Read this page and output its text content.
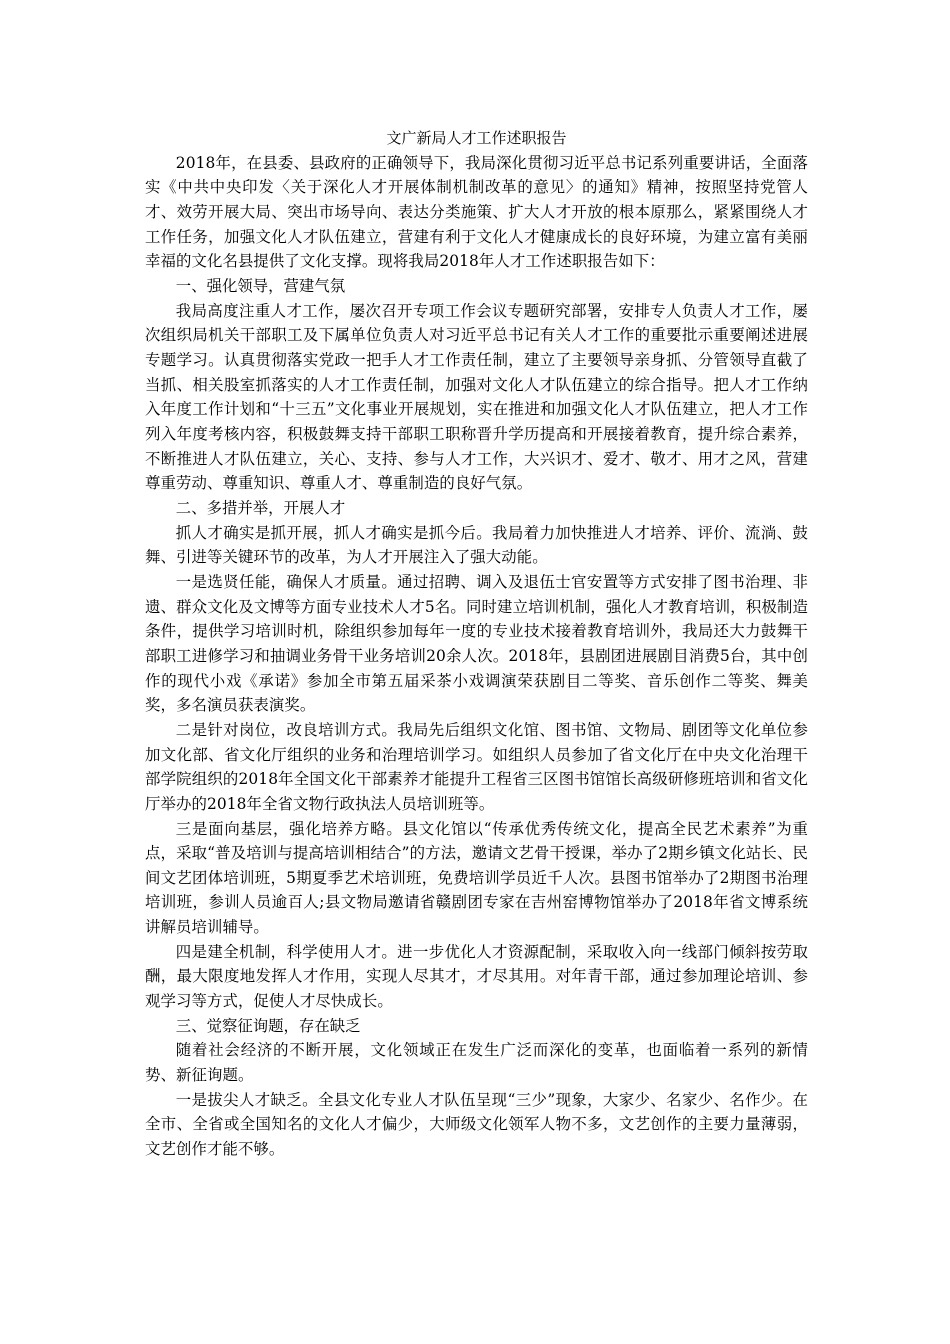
文广新局人才工作述职报告

2018年，在县委、县政府的正确领导下，我局深化贯彻习近平总书记系列重要讲话，全面落实《中共中央印发〈关于深化人才开展体制机制改革的意见〉的通知》精神，按照坚持党管人才、效劳开展大局、突出市场导向、表达分类施策、扩大人才开放的根本原那么，紧紧围绕人才工作任务，加强文化人才队伍建立，营建有利于文化人才健康成长的良好环境，为建立富有美丽幸福的文化名县提供了文化支撑。现将我局2018年人才工作述职报告如下：

一、强化领导，营建气氛

我局高度注重人才工作，屡次召开专项工作会议专题研究部署，安排专人负责人才工作，屡次组织局机关干部职工及下属单位负责人对习近平总书记有关人才工作的重要批示重要阐述进展专题学习。认真贯彻落实党政一把手人才工作责任制，建立了主要领导亲身抓、分管领导直截了当抓、相关股室抓落实的人才工作责任制，加强对文化人才队伍建立的综合指导。把人才工作纳入年度工作计划和“十三五”文化事业开展规划，实在推进和加强文化人才队伍建立，把人才工作列入年度考核内容，积极鼓舞支持干部职工职称晋升学历提高和开展接着教育，提升综合素养，不断推进人才队伍建立，关心、支持、参与人才工作，大兴识才、爱才、敬才、用才之风，营建尊重劳动、尊重知识、尊重人才、尊重制造的良好气氛。

二、多措并举，开展人才

抓人才确实是抓开展，抓人才确实是抓今后。我局着力加快推进人才培养、评价、流淌、鼓舞、引进等关键环节的改革，为人才开展注入了强大动能。

一是选贤任能，确保人才质量。通过招聘、调入及退伍士官安置等方式安排了图书治理、非遗、群众文化及文博等方面专业技术人才5名。同时建立培训机制，强化人才教育培训，积极制造条件，提供学习培训时机，除组织参加每年一度的专业技术接着教育培训外，我局还大力鼓舞干部职工进修学习和抽调业务骨干业务培训20余人次。2018年，县剧团进展剧目消费5台，其中创作的现代小戏《承诺》参加全市第五届采茶小戏调演荣获剧目二等奖、音乐创作二等奖、舞美奖，多名演员获表演奖。

二是针对岗位，改良培训方式。我局先后组织文化馆、图书馆、文物局、剧团等文化单位参加文化部、省文化厅组织的业务和治理培训学习。如组织人员参加了省文化厅在中央文化治理干部学院组织的2018年全国文化干部素养才能提升工程省三区图书馆馆长高级研修班培训和省文化厅举办的2018年全省文物行政执法人员培训班等。

三是面向基层，强化培养方略。县文化馆以“传承优秀传统文化，提高全民艺术素养”为重点，采取“普及培训与提高培训相结合”的方法，邀请文艺骨干授课，举办了2期乡镇文化站长、民间文艺团体培训班，5期夏季艺术培训班，免费培训学员近千人次。县图书馆举办了2期图书治理培训班，参训人员逾百人;县文物局邀请省赣剧团专家在吉州窑博物馆举办了2018年省文博系统讲解员培训辅导。

四是建全机制，科学使用人才。进一步优化人才资源配制，采取收入向一线部门倾斜按劳取酬，最大限度地发挥人才作用，实现人尽其才，才尽其用。对年青干部，通过参加理论培训、参观学习等方式，促使人才尽快成长。

三、觉察征询题，存在缺乏

随着社会经济的不断开展，文化领域正在发生广泛而深化的变革，也面临着一系列的新情势、新征询题。

一是拔尖人才缺乏。全县文化专业人才队伍呈现“三少”现象，大家少、名家少、名作少。在全市、全省或全国知名的文化人才偏少，大师级文化领军人物不多，文艺创作的主要力量薄弱，文艺创作才能不够。
